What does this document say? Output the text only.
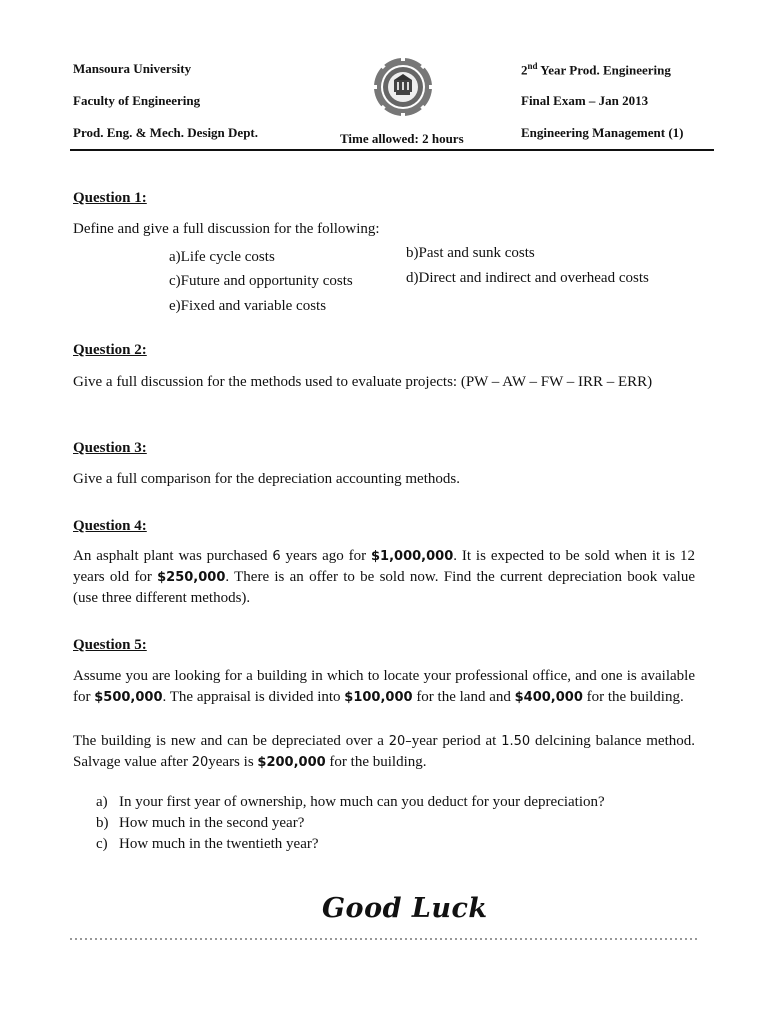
Mansoura University
Faculty of Engineering
Prod. Eng. & Mech. Design Dept.	Time allowed: 2 hours
2nd Year Prod. Engineering
Final Exam – Jan 2013
Engineering Management (1)
Question 1:
Define and give a full discussion for the following:
a)Life cycle costs	b)Past and sunk costs
c)Future and opportunity costs	d)Direct and indirect and overhead costs
e)Fixed and variable costs
Question 2:
Give a full discussion for the methods used to evaluate projects: (PW – AW – FW – IRR – ERR)
Question 3:
Give a full comparison for the depreciation accounting methods.
Question 4:
An asphalt plant was purchased 6 years ago for $1,000,000. It is expected to be sold when it is 12 years old for $250,000. There is an offer to be sold now. Find the current depreciation book value (use three different methods).
Question 5:
Assume you are looking for a building in which to locate your professional office, and one is available for $500,000. The appraisal is divided into $100,000 for the land and $400,000 for the building.
The building is new and can be depreciated over a 20–year period at 1.50 delcining balance method. Salvage value after 20years is $200,000 for the building.
a) In your first year of ownership, how much can you deduct for your depreciation?
b) How much in the second year?
c) How much in the twentieth year?
Good Luck
